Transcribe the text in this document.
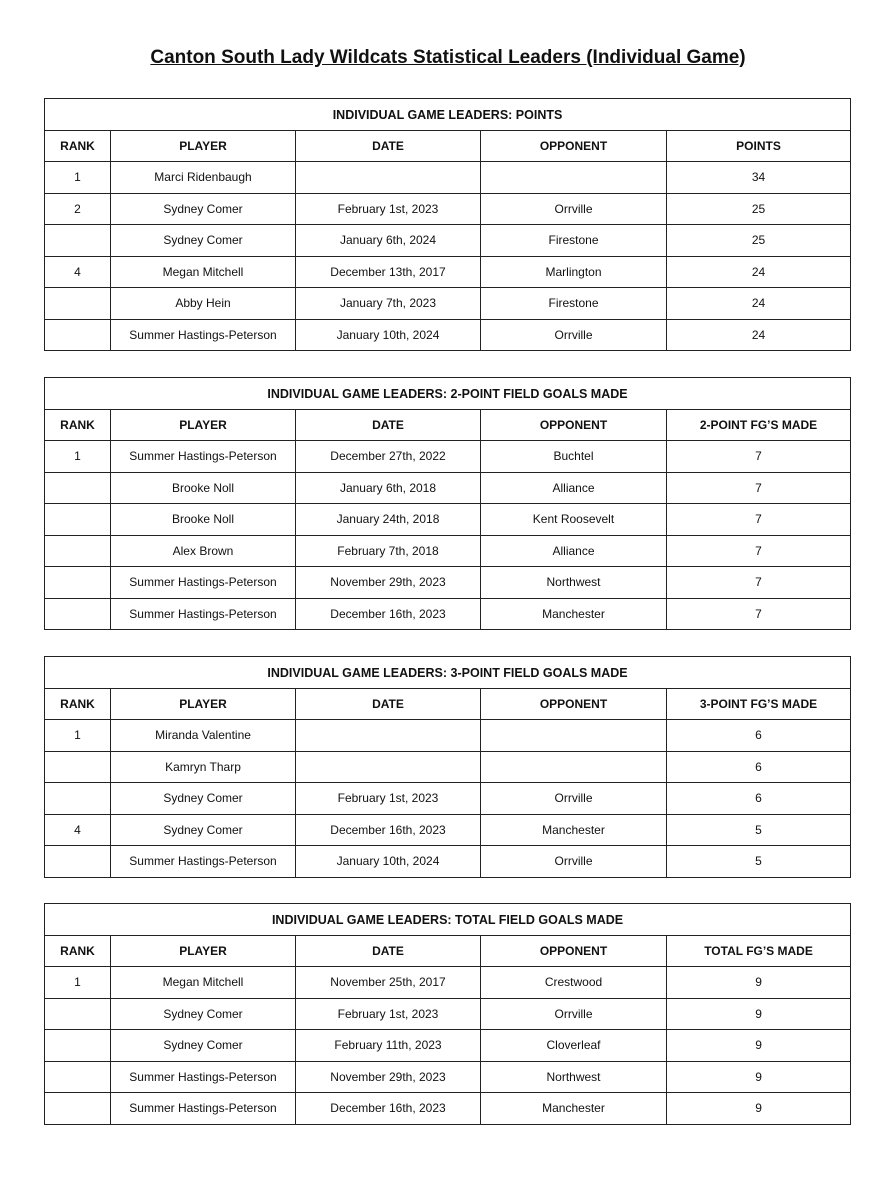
Canton South Lady Wildcats Statistical Leaders (Individual Game)
INDIVIDUAL GAME LEADERS: POINTS				
RANK	PLAYER	DATE	OPPONENT	POINTS
1	Marci Ridenbaugh			34
2	Sydney Comer	February 1st, 2023	Orrville	25
	Sydney Comer	January 6th, 2024	Firestone	25
4	Megan Mitchell	December 13th, 2017	Marlington	24
	Abby Hein	January 7th, 2023	Firestone	24
	Summer Hastings-Peterson	January 10th, 2024	Orrville	24
INDIVIDUAL GAME LEADERS: 2-POINT FIELD GOALS MADE				
RANK	PLAYER	DATE	OPPONENT	2-POINT FG’S MADE
1	Summer Hastings-Peterson	December 27th, 2022	Buchtel	7
	Brooke Noll	January 6th, 2018	Alliance	7
	Brooke Noll	January 24th, 2018	Kent Roosevelt	7
	Alex Brown	February 7th, 2018	Alliance	7
	Summer Hastings-Peterson	November 29th, 2023	Northwest	7
	Summer Hastings-Peterson	December 16th, 2023	Manchester	7
INDIVIDUAL GAME LEADERS: 3-POINT FIELD GOALS MADE				
RANK	PLAYER	DATE	OPPONENT	3-POINT FG’S MADE
1	Miranda Valentine			6
	Kamryn Tharp			6
	Sydney Comer	February 1st, 2023	Orrville	6
4	Sydney Comer	December 16th, 2023	Manchester	5
	Summer Hastings-Peterson	January 10th, 2024	Orrville	5
INDIVIDUAL GAME LEADERS: TOTAL FIELD GOALS MADE				
RANK	PLAYER	DATE	OPPONENT	TOTAL FG’S MADE
1	Megan Mitchell	November 25th, 2017	Crestwood	9
	Sydney Comer	February 1st, 2023	Orrville	9
	Sydney Comer	February 11th, 2023	Cloverleaf	9
	Summer Hastings-Peterson	November 29th, 2023	Northwest	9
	Summer Hastings-Peterson	December 16th, 2023	Manchester	9
